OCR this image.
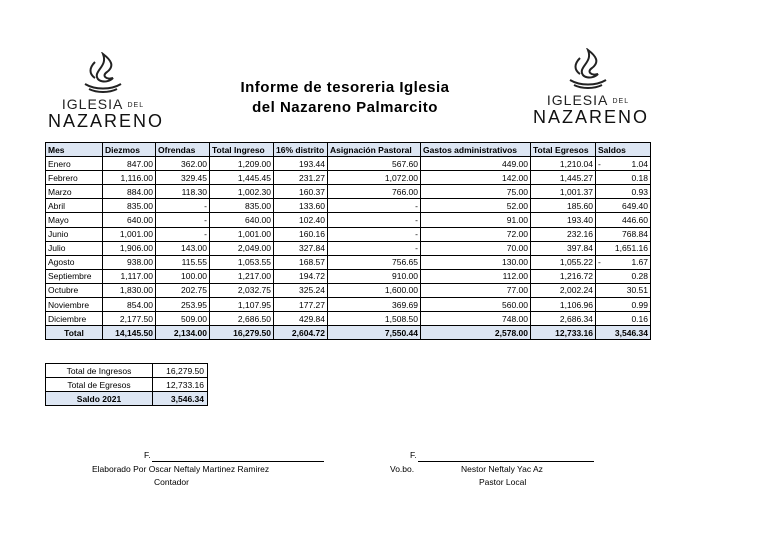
IGLESIA DEL
NAZARENO
IGLESIA DEL
NAZARENO
Informe de tesoreria Iglesia
del Nazareno Palmarcito
Mes	Diezmos	Ofrendas	Total Ingreso	16% distrito	Asignación Pastoral	Gastos administrativos	Total Egresos	Saldos
Enero	847.00	362.00	1,209.00	193.44	567.60	449.00	1,210.04	- 1.04
Febrero	1,116.00	329.45	1,445.45	231.27	1,072.00	142.00	1,445.27	0.18
Marzo	884.00	118.30	1,002.30	160.37	766.00	75.00	1,001.37	0.93
Abril	835.00	-	835.00	133.60	-	52.00	185.60	649.40
Mayo	640.00	-	640.00	102.40	-	91.00	193.40	446.60
Junio	1,001.00	-	1,001.00	160.16	-	72.00	232.16	768.84
Julio	1,906.00	143.00	2,049.00	327.84	-	70.00	397.84	1,651.16
Agosto	938.00	115.55	1,053.55	168.57	756.65	130.00	1,055.22	- 1.67
Septiembre	1,117.00	100.00	1,217.00	194.72	910.00	112.00	1,216.72	0.28
Octubre	1,830.00	202.75	2,032.75	325.24	1,600.00	77.00	2,002.24	30.51
Noviembre	854.00	253.95	1,107.95	177.27	369.69	560.00	1,106.96	0.99
Diciembre	2,177.50	509.00	2,686.50	429.84	1,508.50	748.00	2,686.34	0.16
Total	14,145.50	2,134.00	16,279.50	2,604.72	7,550.44	2,578.00	12,733.16	3,546.34
Total de Ingresos	16,279.50
Total de Egresos	12,733.16
Saldo 2021	3,546.34
F.
Elaborado Por Oscar Neftaly Martinez Ramirez
Contador
F.
Vo.bo.	Nestor Neftaly Yac Az
Pastor Local
